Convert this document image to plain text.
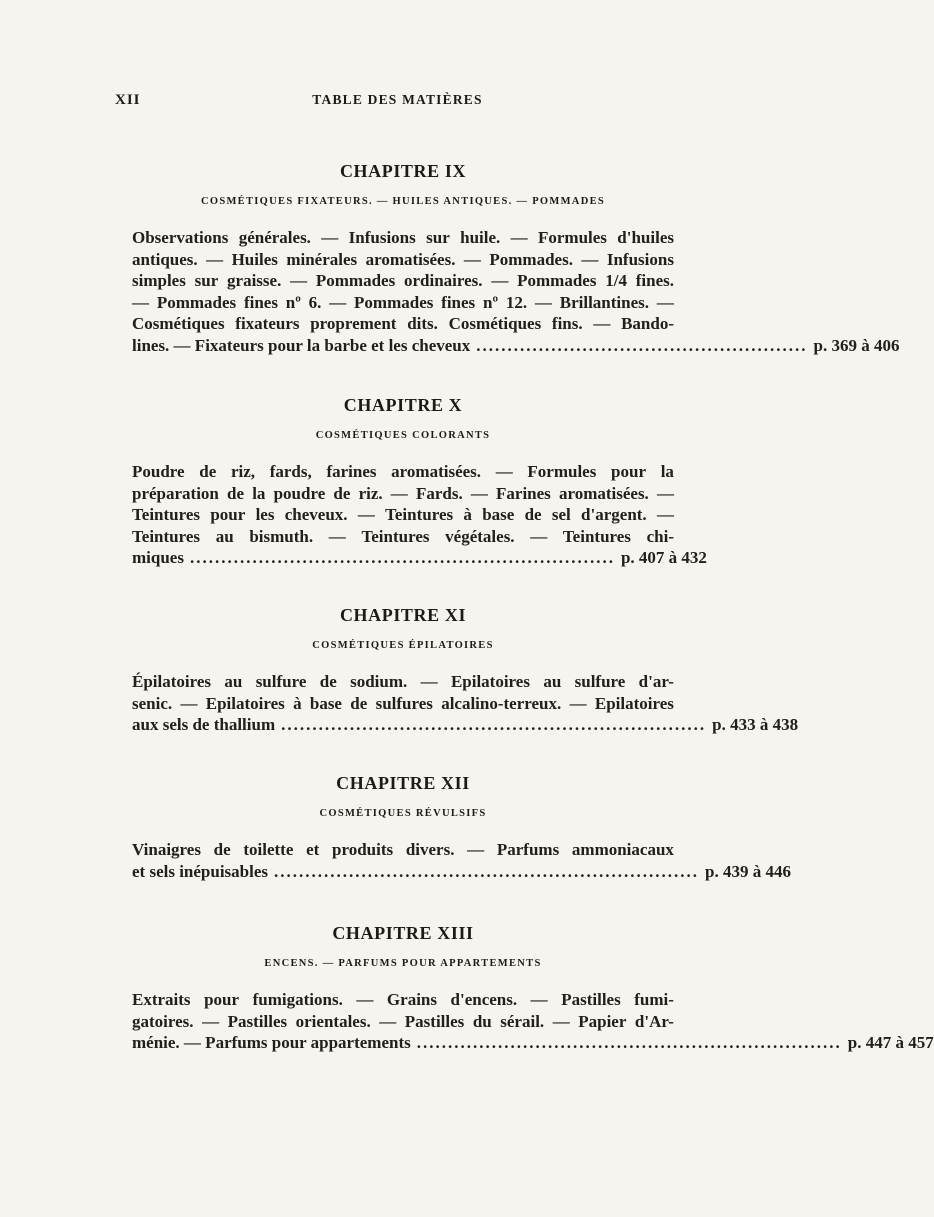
XII	TABLE DES MATIÈRES
CHAPITRE IX
COSMÉTIQUES FIXATEURS. — HUILES ANTIQUES. — POMMADES
Observations générales. — Infusions sur huile. — Formules d'huiles
antiques. — Huiles minérales aromatisées. — Pommades. — Infusions
simples sur graisse. — Pommades ordinaires. — Pommades 1/4 fines.
— Pommades fines nº 6. — Pommades fines nº 12. — Brillantines. —
Cosmétiques fixateurs proprement dits. Cosmétiques fins. — Bando-
lines. — Fixateurs pour la barbe et les cheveux ..................................................... p. 369 à 406
CHAPITRE X
COSMÉTIQUES COLORANTS
Poudre de riz, fards, farines aromatisées. — Formules pour la
préparation de la poudre de riz. — Fards. — Farines aromatisées. —
Teintures pour les cheveux. — Teintures à base de sel d'argent. —
Teintures au bismuth. — Teintures végétales. — Teintures chi-
miques .................................................................... p. 407 à 432
CHAPITRE XI
COSMÉTIQUES ÉPILATOIRES
Épilatoires au sulfure de sodium. — Epilatoires au sulfure d'ar-
senic. — Epilatoires à base de sulfures alcalino-terreux. — Epilatoires
aux sels de thallium .................................................................... p. 433 à 438
CHAPITRE XII
COSMÉTIQUES RÉVULSIFS
Vinaigres de toilette et produits divers. — Parfums ammoniacaux
et sels inépuisables .................................................................... p. 439 à 446
CHAPITRE XIII
ENCENS. — PARFUMS POUR APPARTEMENTS
Extraits pour fumigations. — Grains d'encens. — Pastilles fumi-
gatoires. — Pastilles orientales. — Pastilles du sérail. — Papier d'Ar-
ménie. — Parfums pour appartements .................................................................... p. 447 à 457
